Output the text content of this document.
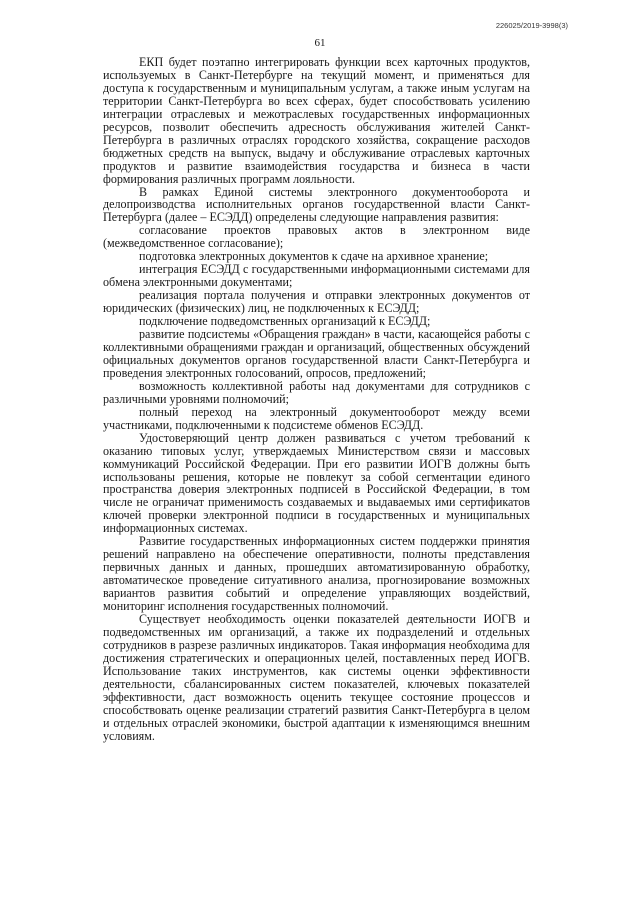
226025/2019-3998(3)
61

ЕКП будет поэтапно интегрировать функции всех карточных продуктов, используемых в Санкт-Петербурге на текущий момент, и применяться для доступа к государственным и муниципальным услугам, а также иным услугам на территории Санкт-Петербурга во всех сферах, будет способствовать усилению интеграции отраслевых и межотраслевых государственных информационных ресурсов, позволит обеспечить адресность обслуживания жителей Санкт-Петербурга в различных отраслях городского хозяйства, сокращение расходов бюджетных средств на выпуск, выдачу и обслуживание отраслевых карточных продуктов и развитие взаимодействия государства и бизнеса в части формирования различных программ лояльности.

В рамках Единой системы электронного документооборота и делопроизводства исполнительных органов государственной власти Санкт-Петербурга (далее – ЕСЭДД) определены следующие направления развития:

согласование проектов правовых актов в электронном виде (межведомственное согласование);

подготовка электронных документов к сдаче на архивное хранение;

интеграция ЕСЭДД с государственными информационными системами для обмена электронными документами;

реализация портала получения и отправки электронных документов от юридических (физических) лиц, не подключенных к ЕСЭДД;

подключение подведомственных организаций к ЕСЭДД;

развитие подсистемы «Обращения граждан» в части, касающейся работы с коллективными обращениями граждан и организаций, общественных обсуждений официальных документов органов государственной власти Санкт-Петербурга и проведения электронных голосований, опросов, предложений;

возможность коллективной работы над документами для сотрудников с различными уровнями полномочий;

полный переход на электронный документооборот между всеми участниками, подключенными к подсистеме обменов ЕСЭДД.

Удостоверяющий центр должен развиваться с учетом требований к оказанию типовых услуг, утверждаемых Министерством связи и массовых коммуникаций Российской Федерации. При его развитии ИОГВ должны быть использованы решения, которые не повлекут за собой сегментации единого пространства доверия электронных подписей в Российской Федерации, в том числе не ограничат применимость создаваемых и выдаваемых ими сертификатов ключей проверки электронной подписи в государственных и муниципальных информационных системах.

Развитие государственных информационных систем поддержки принятия решений направлено на обеспечение оперативности, полноты представления первичных данных и данных, прошедших автоматизированную обработку, автоматическое проведение ситуативного анализа, прогнозирование возможных вариантов развития событий и определение управляющих воздействий, мониторинг исполнения государственных полномочий.

Существует необходимость оценки показателей деятельности ИОГВ и подведомственных им организаций, а также их подразделений и отдельных сотрудников в разрезе различных индикаторов. Такая информация необходима для достижения стратегических и операционных целей, поставленных перед ИОГВ. Использование таких инструментов, как системы оценки эффективности деятельности, сбалансированных систем показателей, ключевых показателей эффективности, даст возможность оценить текущее состояние процессов и способствовать оценке реализации стратегий развития Санкт-Петербурга в целом и отдельных отраслей экономики, быстрой адаптации к изменяющимся внешним условиям.
